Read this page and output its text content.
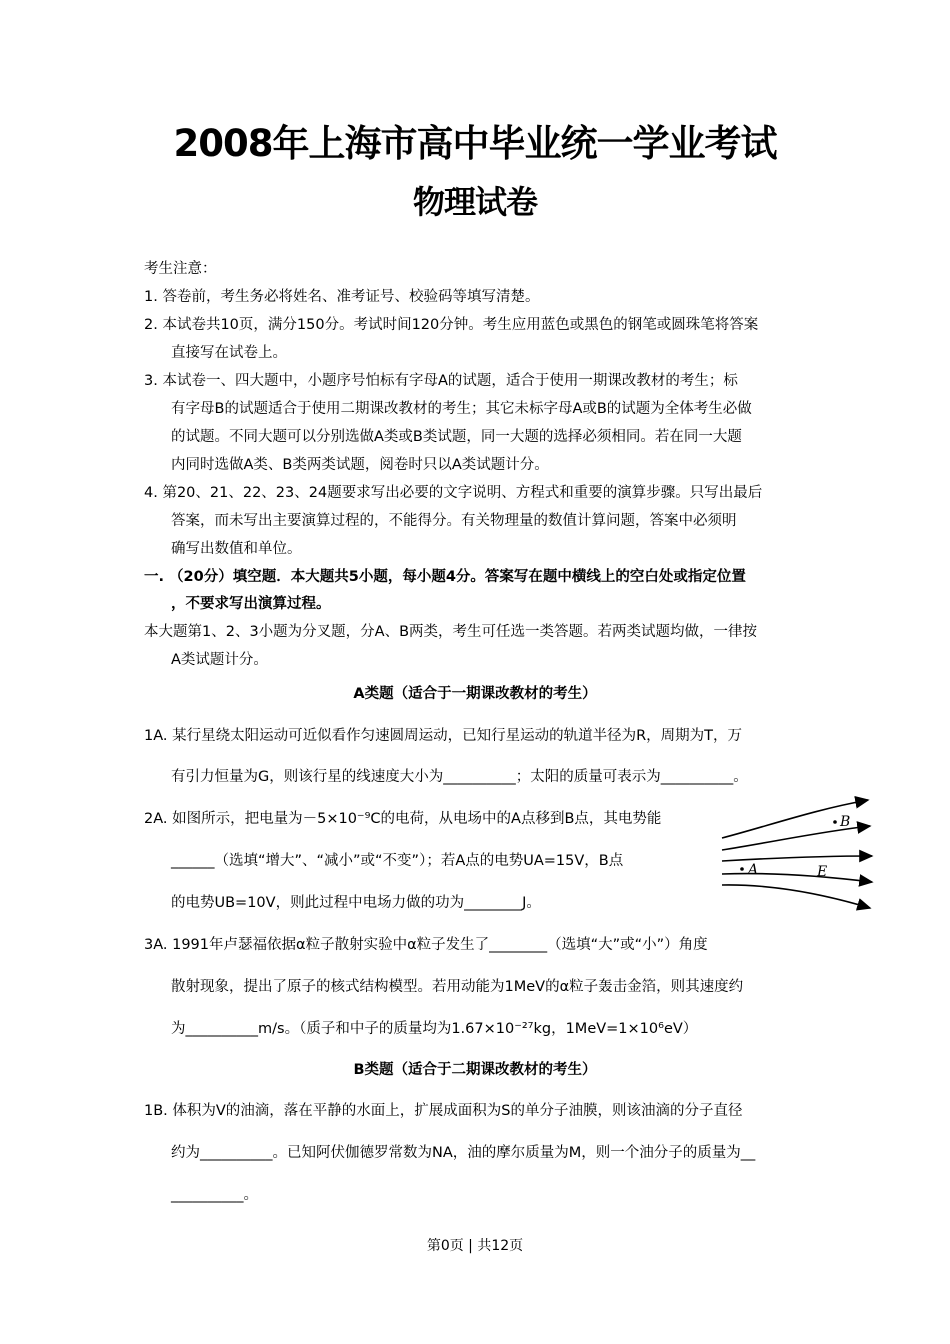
2008年上海市高中毕业统一学业考试
物理试卷
考生注意：
1. 答卷前，考生务必将姓名、准考证号、校验码等填写清楚。
2. 本试卷共10页，满分150分。考试时间120分钟。考生应用蓝色或黑色的钢笔或圆珠笔将答案
直接写在试卷上。
3. 本试卷一、四大题中，小题序号怕标有字母A的试题，适合于使用一期课改教材的考生；标
有字母B的试题适合于使用二期课改教材的考生；其它未标字母A或B的试题为全体考生必做
的试题。不同大题可以分别选做A类或B类试题，同一大题的选择必须相同。若在同一大题
内同时选做A类、B类两类试题，阅卷时只以A类试题计分。
4. 第20、21、22、23、24题要求写出必要的文字说明、方程式和重要的演算步骤。只写出最后
答案，而未写出主要演算过程的，不能得分。有关物理量的数值计算问题，答案中必须明
确写出数值和单位。
一. （20分）填空题．本大题共5小题，每小题4分。答案写在题中横线上的空白处或指定位置
，不要求写出演算过程。
本大题第1、2、3小题为分叉题，分A、B两类，考生可任选一类答题。若两类试题均做，一律按
A类试题计分。
A类题（适合于一期课改教材的考生）
1A. 某行星绕太阳运动可近似看作匀速圆周运动，已知行星运动的轨道半径为R，周期为T，万
有引力恒量为G，则该行星的线速度大小为__________；太阳的质量可表示为__________。
2A. 如图所示，把电量为－5×10⁻⁹C的电荷，从电场中的A点移到B点，其电势能
______（选填“增大”、“减小”或“不变”）；若A点的电势UA=15V，B点
的电势UB=10V，则此过程中电场力做的功为________J。
B
A	E
3A. 1991年卢瑟福依据α粒子散射实验中α粒子发生了________（选填“大”或“小”）角度
散射现象，提出了原子的核式结构模型。若用动能为1MeV的α粒子轰击金箔，则其速度约
为__________m/s。（质子和中子的质量均为1.67×10⁻²⁷kg，1MeV=1×10⁶eV）
B类题（适合于二期课改教材的考生）
1B. 体积为V的油滴，落在平静的水面上，扩展成面积为S的单分子油膜，则该油滴的分子直径
约为__________。已知阿伏伽德罗常数为NA，油的摩尔质量为M，则一个油分子的质量为__
__________。
第0页 | 共12页
